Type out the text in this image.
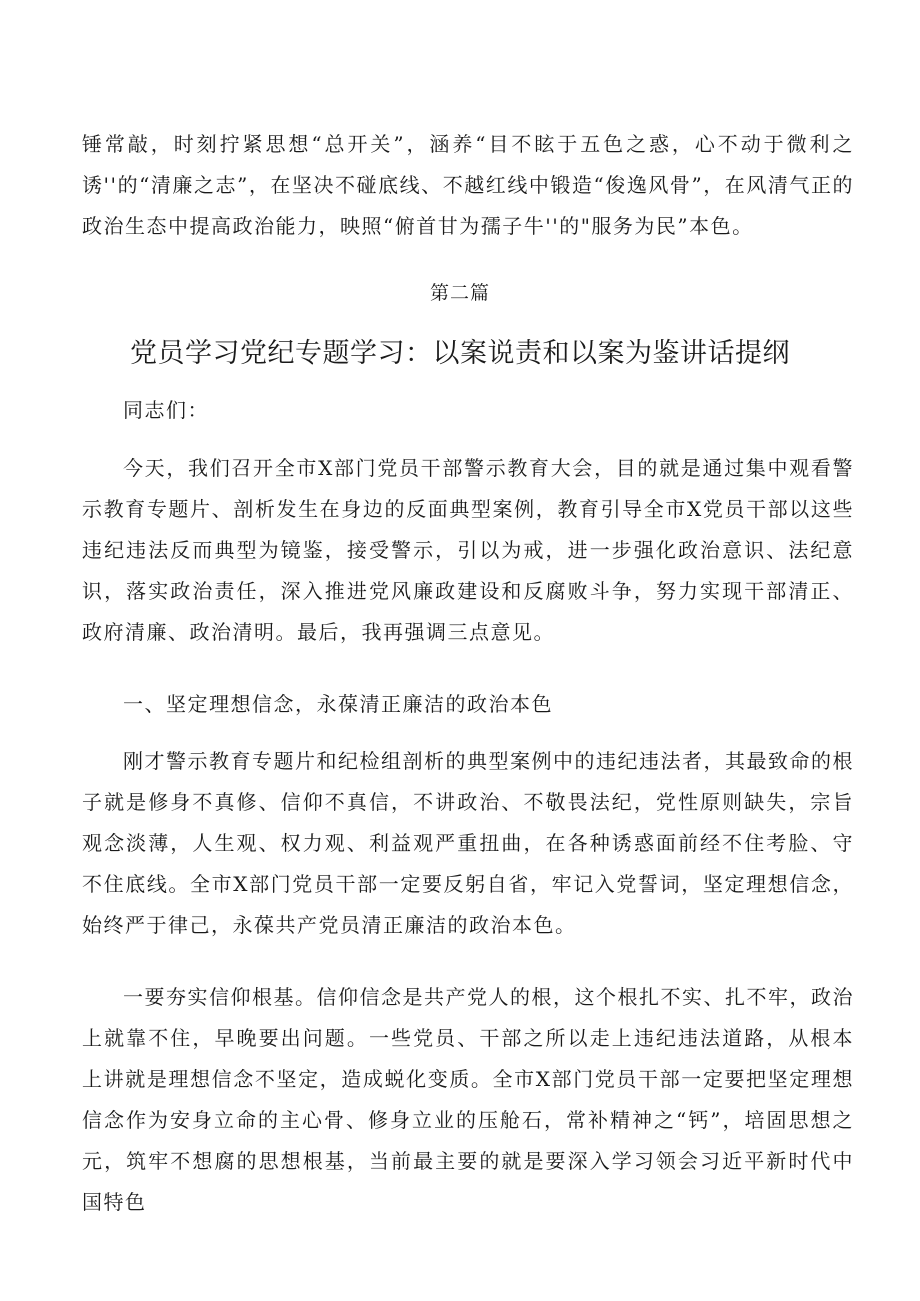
锤常敲，时刻拧紧思想“总开关”，涵养“目不眩于五色之惑，心不动于微利之诱''的“清廉之志”，在坚决不碰底线、不越红线中锻造“俊逸风骨”，在风清气正的政治生态中提高政治能力，映照“俯首甘为孺子牛''的"服务为民”本色。

第二篇
党员学习党纪专题学习：以案说责和以案为鉴讲话提纲

同志们：

今天，我们召开全市X部门党员干部警示教育大会，目的就是通过集中观看警示教育专题片、剖析发生在身边的反面典型案例，教育引导全市X党员干部以这些违纪违法反而典型为镜鉴，接受警示，引以为戒，进一步强化政治意识、法纪意识，落实政治责任，深入推进党风廉政建设和反腐败斗争，努力实现干部清正、政府清廉、政治清明。最后，我再强调三点意见。

一、坚定理想信念，永葆清正廉洁的政治本色

刚才警示教育专题片和纪检组剖析的典型案例中的违纪违法者，其最致命的根子就是修身不真修、信仰不真信，不讲政治、不敬畏法纪，党性原则缺失，宗旨观念淡薄，人生观、权力观、利益观严重扭曲，在各种诱惑面前经不住考脸、守不住底线。全市X部门党员干部一定要反躬自省，牢记入党誓词，坚定理想信念，始终严于律己，永葆共产党员清正廉洁的政治本色。

一要夯实信仰根基。信仰信念是共产党人的根，这个根扎不实、扎不牢，政治上就靠不住，早晚要出问题。一些党员、干部之所以走上违纪违法道路，从根本上讲就是理想信念不坚定，造成蜕化变质。全市X部门党员干部一定要把坚定理想信念作为安身立命的主心骨、修身立业的压舱石，常补精神之“钙”，培固思想之元，筑牢不想腐的思想根基，当前最主要的就是要深入学习领会习近平新时代中国特色
